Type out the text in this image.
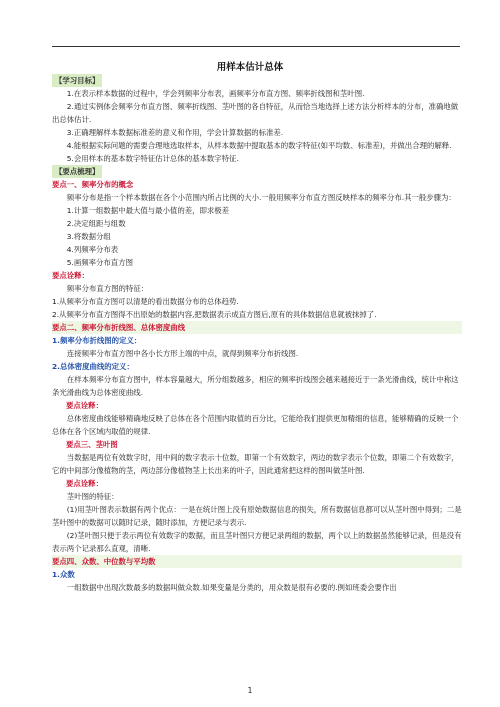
用样本估计总体

【学习目标】

1.在表示样本数据的过程中，学会列频率分布表，画频率分布直方图、频率折线图和茎叶图.

2.通过实例体会频率分布直方图、频率折线图、茎叶图的各自特征，从而恰当地选择上述方法分析样本的分布，准确地做出总体估计.

3.正确理解样本数据标准差的意义和作用，学会计算数据的标准差.

4.能根据实际问题的需要合理地选取样本，从样本数据中提取基本的数字特征(如平均数、标准差)，并做出合理的解释.

5.会用样本的基本数字特征估计总体的基本数字特征.

【要点梳理】

要点一、频率分布的概念

频率分布是指一个样本数据在各个小范围内所占比例的大小.一般用频率分布直方图反映样本的频率分布.其一般步骤为：

1.计算一组数据中最大值与最小值的差，即求极差

2.决定组距与组数

3.将数据分组

4.列频率分布表

5.画频率分布直方图

要点诠释：

频率分布直方图的特征：

1.从频率分布直方图可以清楚的看出数据分布的总体趋势.

2.从频率分布直方图得不出原始的数据内容,把数据表示成直方图后,原有的具体数据信息就被抹掉了.

要点二、频率分布折线图、总体密度曲线

1.频率分布折线图的定义：

连接频率分布直方图中各小长方形上端的中点，就得到频率分布折线图.

2.总体密度曲线的定义：

在样本频率分布直方图中，样本容量越大，所分组数越多，相应的频率折线图会越来越接近于一条光滑曲线，统计中称这条光滑曲线为总体密度曲线.

要点诠释：

总体密度曲线能够精确地反映了总体在各个范围内取值的百分比，它能给我们提供更加精细的信息，能够精确的反映一个总体在各个区域内取值的规律.

要点三、茎叶图

当数据是两位有效数字时，用中间的数字表示十位数，即第一个有效数字，两边的数字表示个位数，即第二个有效数字，它的中间部分像植物的茎，两边部分像植物茎上长出来的叶子，因此通常把这样的图叫做茎叶图.

要点诠释：

茎叶图的特征：

(1)用茎叶图表示数据有两个优点：一是在统计图上没有原始数据信息的损失，所有数据信息都可以从茎叶图中得到；二是茎叶图中的数据可以随时记录，随时添加，方便记录与表示.

(2)茎叶图只便于表示两位有效数字的数据，而且茎叶图只方便记录两组的数据，两个以上的数据虽然能够记录，但是没有表示两个记录那么直观，清晰.

要点四、众数、中位数与平均数

1.众数

一组数据中出现次数最多的数据叫做众数.如果变量是分类的，用众数是很有必要的.例如班委会要作出

1
